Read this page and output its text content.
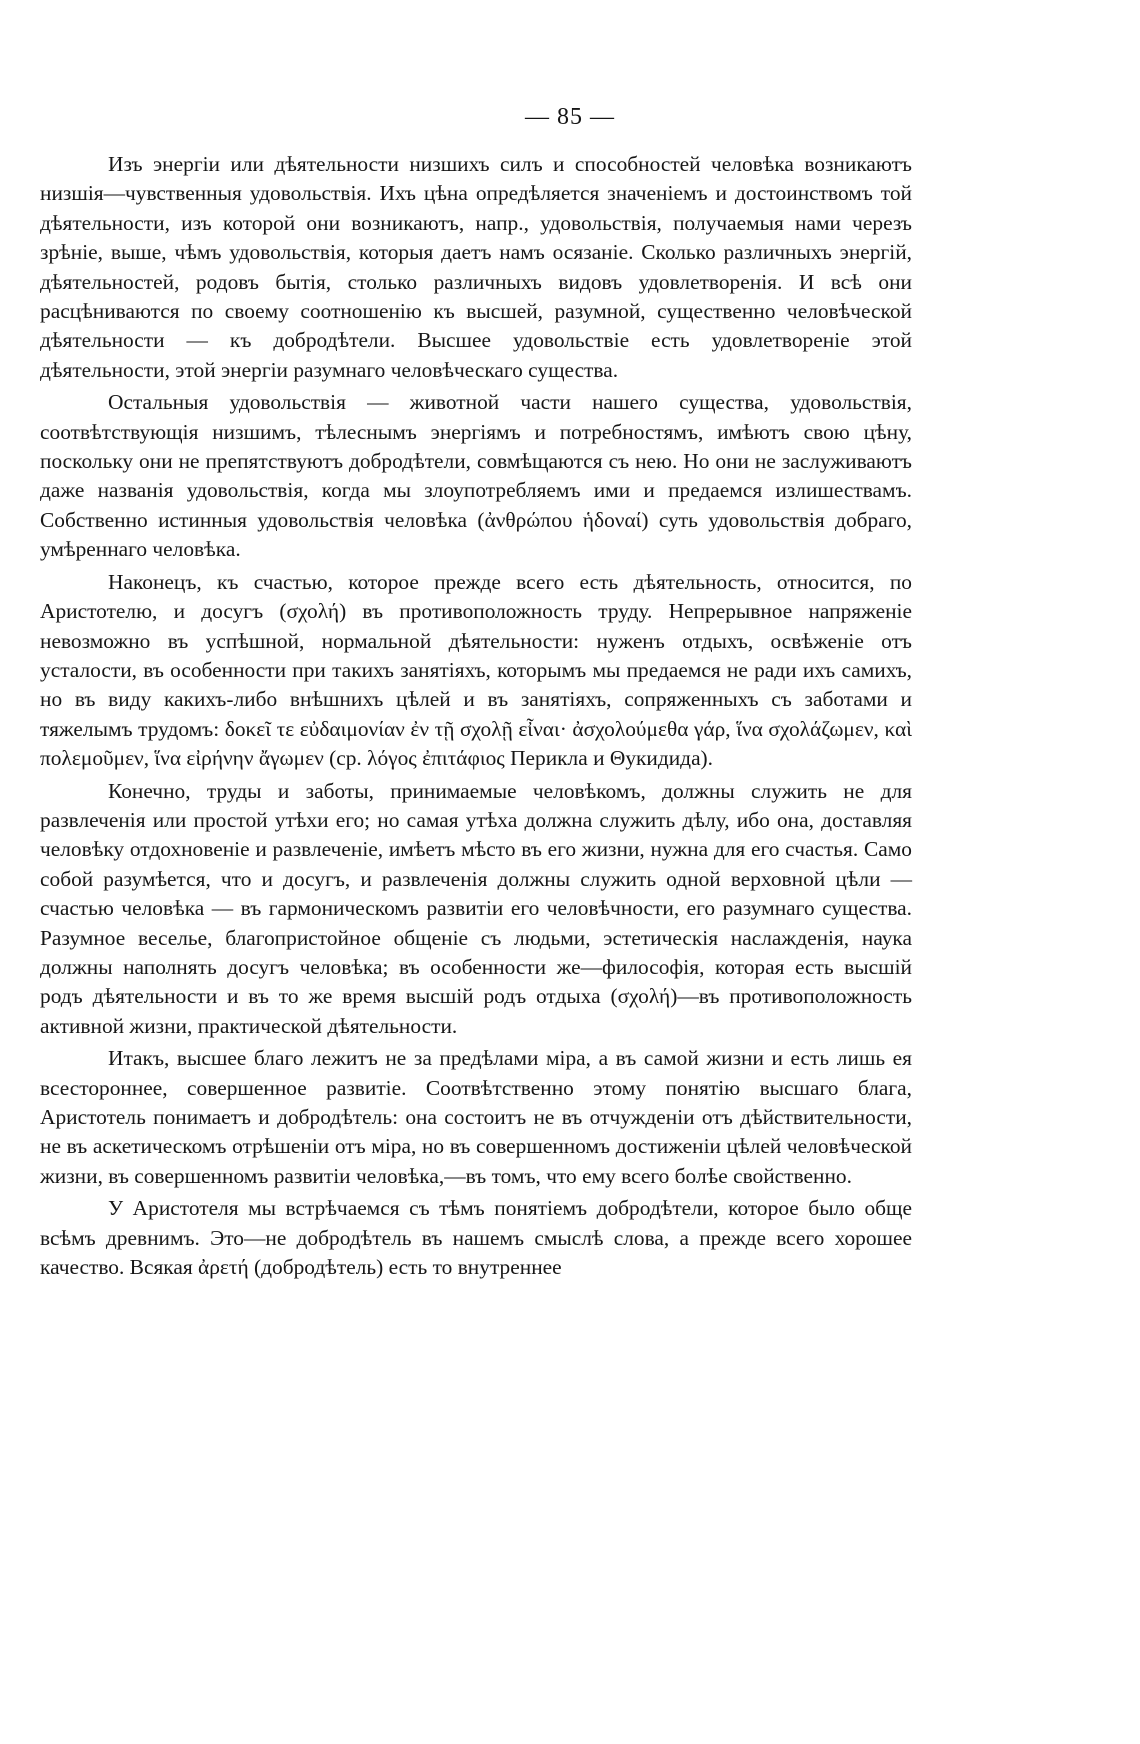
— 85 —

Изъ энергіи или дѣятельности низшихъ силъ и способностей человѣка возникаютъ низшія—чувственныя удовольствія. Ихъ цѣна опредѣляется значеніемъ и достоинствомъ той дѣятельности, изъ которой они возникаютъ, напр., удовольствія, получаемыя нами черезъ зрѣніе, выше, чѣмъ удовольствія, которыя даетъ намъ осязаніе. Сколько различныхъ энергій, дѣятельностей, родовъ бытія, столько различныхъ видовъ удовлетворенія. И всѣ они расцѣниваются по своему соотношенію къ высшей, разумной, существенно человѣческой дѣятельности — къ добродѣтели. Высшее удовольствіе есть удовлетвореніе этой дѣятельности, этой энергіи разумнаго человѣческаго существа.

Остальныя удовольствія — животной части нашего существа, удовольствія, соотвѣтствующія низшимъ, тѣлеснымъ энергіямъ и потребностямъ, имѣютъ свою цѣну, поскольку они не препятствуютъ добродѣтели, совмѣщаются съ нею. Но они не заслуживаютъ даже названія удовольствія, когда мы злоупотребляемъ ими и предаемся излишествамъ. Собственно истинныя удовольствія человѣка (ἀνθρώπου ἡδοναί) суть удовольствія добраго, умѣреннаго человѣка.

Наконецъ, къ счастью, которое прежде всего есть дѣятельность, относится, по Аристотелю, и досугъ (σχολή) въ противоположность труду. Непрерывное напряженіе невозможно въ успѣшной, нормальной дѣятельности: нуженъ отдыхъ, освѣженіе отъ усталости, въ особенности при такихъ занятіяхъ, которымъ мы предаемся не ради ихъ самихъ, но въ виду какихъ-либо внѣшнихъ цѣлей и въ занятіяхъ, сопряженныхъ съ заботами и тяжелымъ трудомъ: δοκεῖ τε εὐδαιμονίαν ἐν τῇ σχολῇ εἶναι· ἀσχολούμεθα γάρ, ἵνα σχολάζωμεν, καὶ πολεμοῦμεν, ἵνα εἰρήνην ἄγωμεν (ср. λόγος ἐπιτάφιος Перикла и Θукидида).

Конечно, труды и заботы, принимаемые человѣкомъ, должны служить не для развлеченія или простой утѣхи его; но самая утѣха должна служить дѣлу, ибо она, доставляя человѣку отдохновеніе и развлеченіе, имѣетъ мѣсто въ его жизни, нужна для его счастья. Само собой разумѣется, что и досугъ, и развлеченія должны служить одной верховной цѣли — счастью человѣка — въ гармоническомъ развитіи его человѣчности, его разумнаго существа. Разумное веселье, благопристойное общеніе съ людьми, эстетическія наслажденія, наука должны наполнять досугъ человѣка; въ особенности же—философія, которая есть высшій родъ дѣятельности и въ то же время высшій родъ отдыха (σχολή)—въ противоположность активной жизни, практической дѣятельности.

Итакъ, высшее благо лежитъ не за предѣлами міра, а въ самой жизни и есть лишь ея всестороннее, совершенное развитіе. Соотвѣтственно этому понятію высшаго блага, Аристотель понимаетъ и добродѣтель: она состоитъ не въ отчужденіи отъ дѣйствительности, не въ аскетическомъ отрѣшеніи отъ міра, но въ совершенномъ достиженіи цѣлей человѣческой жизни, въ совершенномъ развитіи человѣка,—въ томъ, что ему всего болѣе свойственно.

У Аристотеля мы встрѣчаемся съ тѣмъ понятіемъ добродѣтели, которое было обще всѣмъ древнимъ. Это—не добродѣтель въ нашемъ смыслѣ слова, а прежде всего хорошее качество. Всякая ἀρετή (добродѣтель) есть то внутреннее
